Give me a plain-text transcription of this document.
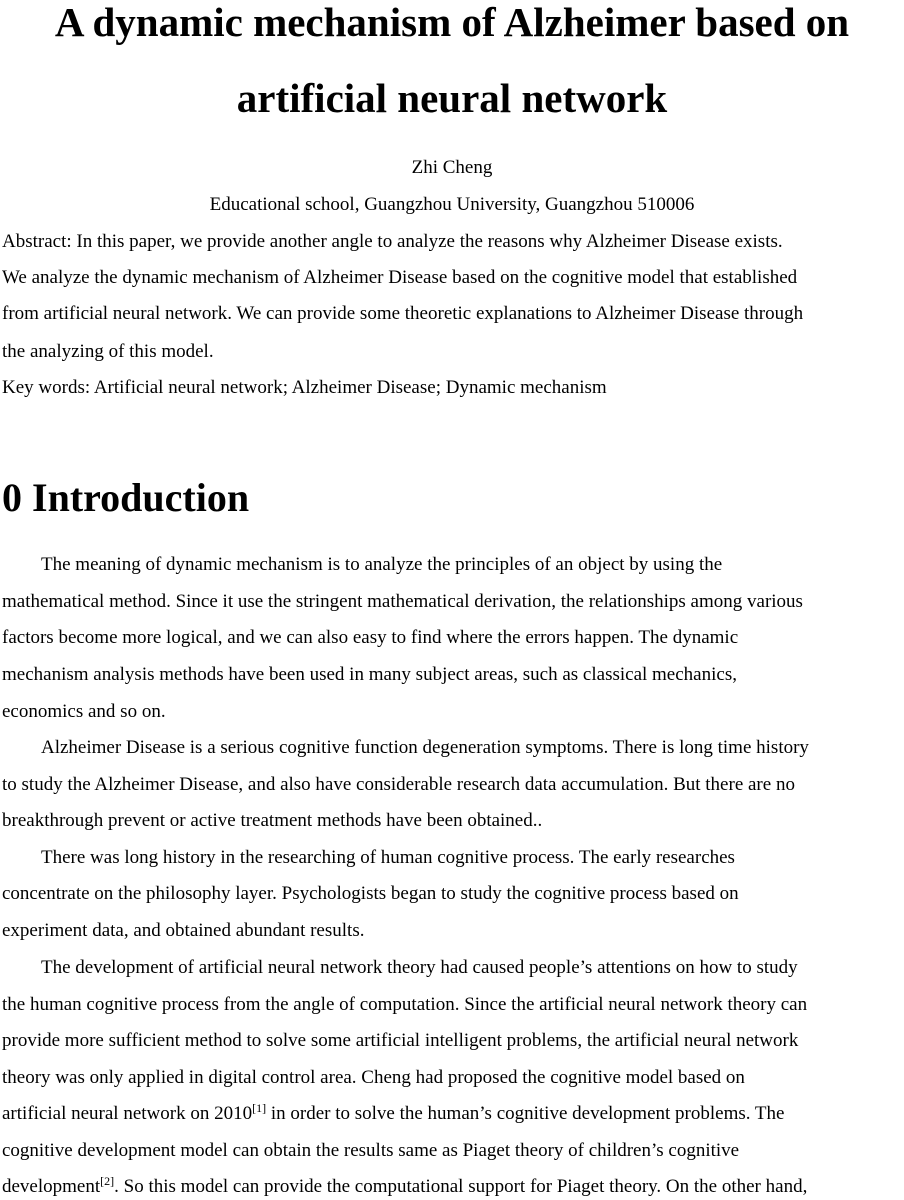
A dynamic mechanism of Alzheimer based on
artificial neural network
Zhi Cheng
Educational school, Guangzhou University, Guangzhou 510006
Abstract: In this paper, we provide another angle to analyze the reasons why Alzheimer Disease exists.
We analyze the dynamic mechanism of Alzheimer Disease based on the cognitive model that established
from artificial neural network. We can provide some theoretic explanations to Alzheimer Disease through
the analyzing of this model.
Key words: Artificial neural network; Alzheimer Disease; Dynamic mechanism
0 Introduction
The meaning of dynamic mechanism is to analyze the principles of an object by using the
mathematical method. Since it use the stringent mathematical derivation, the relationships among various
factors become more logical, and we can also easy to find where the errors happen. The dynamic
mechanism analysis methods have been used in many subject areas, such as classical mechanics,
economics and so on.
Alzheimer Disease is a serious cognitive function degeneration symptoms. There is long time history
to study the Alzheimer Disease, and also have considerable research data accumulation. But there are no
breakthrough prevent or active treatment methods have been obtained..
There was long history in the researching of human cognitive process. The early researches
concentrate on the philosophy layer. Psychologists began to study the cognitive process based on
experiment data, and obtained abundant results.
The development of artificial neural network theory had caused people’s attentions on how to study
the human cognitive process from the angle of computation. Since the artificial neural network theory can
provide more sufficient method to solve some artificial intelligent problems, the artificial neural network
theory was only applied in digital control area. Cheng had proposed the cognitive model based on
artificial neural network on 2010[1] in order to solve the human’s cognitive development problems. The
cognitive development model can obtain the results same as Piaget theory of children’s cognitive
development[2]. So this model can provide the computational support for Piaget theory. On the other hand,
